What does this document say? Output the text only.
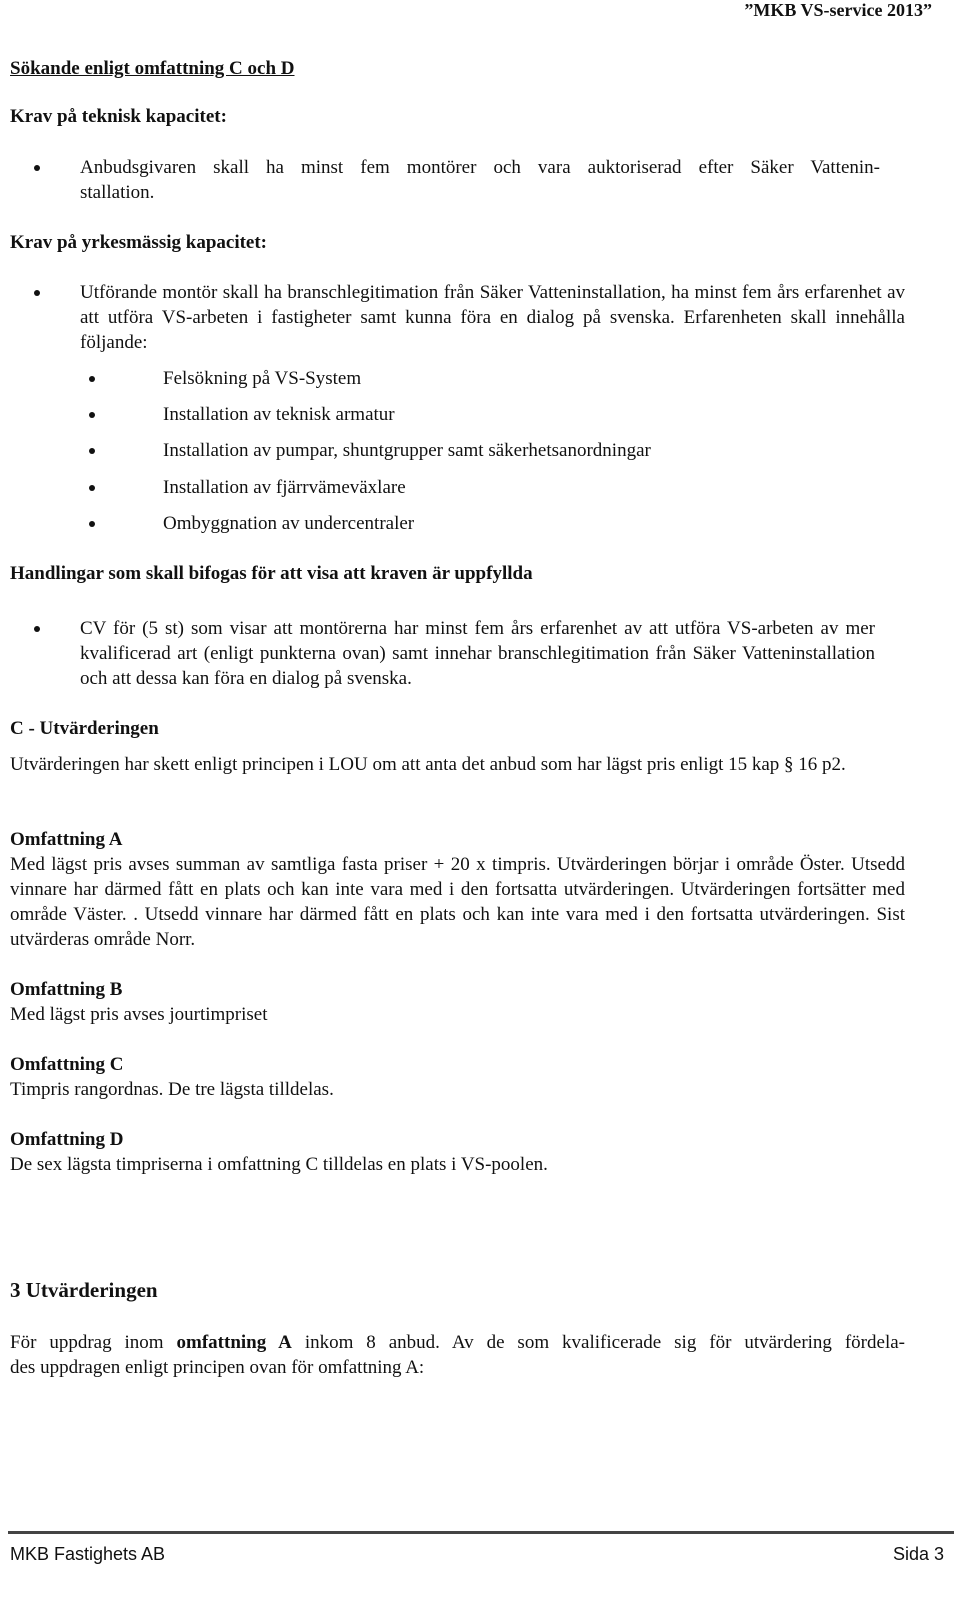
”MKB VS-service 2013”
Sökande enligt omfattning C och D
Krav på teknisk kapacitet:
Anbudsgivaren skall ha minst fem montörer och vara auktoriserad efter Säker Vattenin-
stallation.
Krav på yrkesmässig kapacitet:
Utförande montör skall ha branschlegitimation från Säker Vatteninstallation, ha minst fem års erfarenhet av att utföra VS-arbeten i fastigheter samt kunna föra en dialog på svenska. Erfarenheten skall innehålla följande:
Felsökning på VS-System
Installation av teknisk armatur
Installation av pumpar, shuntgrupper samt säkerhetsanordningar
Installation av fjärrvämeväxlare
Ombyggnation av undercentraler
Handlingar som skall bifogas för att visa att kraven är uppfyllda
CV för (5 st) som visar att montörerna har minst fem års erfarenhet av att utföra VS-arbeten av mer kvalificerad art (enligt punkterna ovan) samt innehar branschlegitimation från Säker Vatteninstallation och att dessa kan föra en dialog på svenska.
C - Utvärderingen
Utvärderingen har skett enligt principen i LOU om att anta det anbud som har lägst pris enligt 15 kap § 16 p2.
Omfattning A
Med lägst pris avses summan av samtliga fasta priser + 20 x timpris. Utvärderingen börjar i område Öster. Utsedd vinnare har därmed fått en plats och kan inte vara med i den fortsatta utvärderingen. Utvärderingen fortsätter med område Väster. . Utsedd vinnare har därmed fått en plats och kan inte vara med i den fortsatta utvärderingen. Sist utvärderas område Norr.
Omfattning B
Med lägst pris avses jourtimpriset
Omfattning C
Timpris rangordnas. De tre lägsta tilldelas.
Omfattning D
De sex lägsta timpriserna i omfattning C tilldelas en plats i VS-poolen.
3 Utvärderingen
För uppdrag inom omfattning A inkom 8 anbud. Av de som kvalificerade sig för utvärdering fördela-
des uppdragen enligt principen ovan för omfattning A:
MKB Fastighets AB	Sida 3
